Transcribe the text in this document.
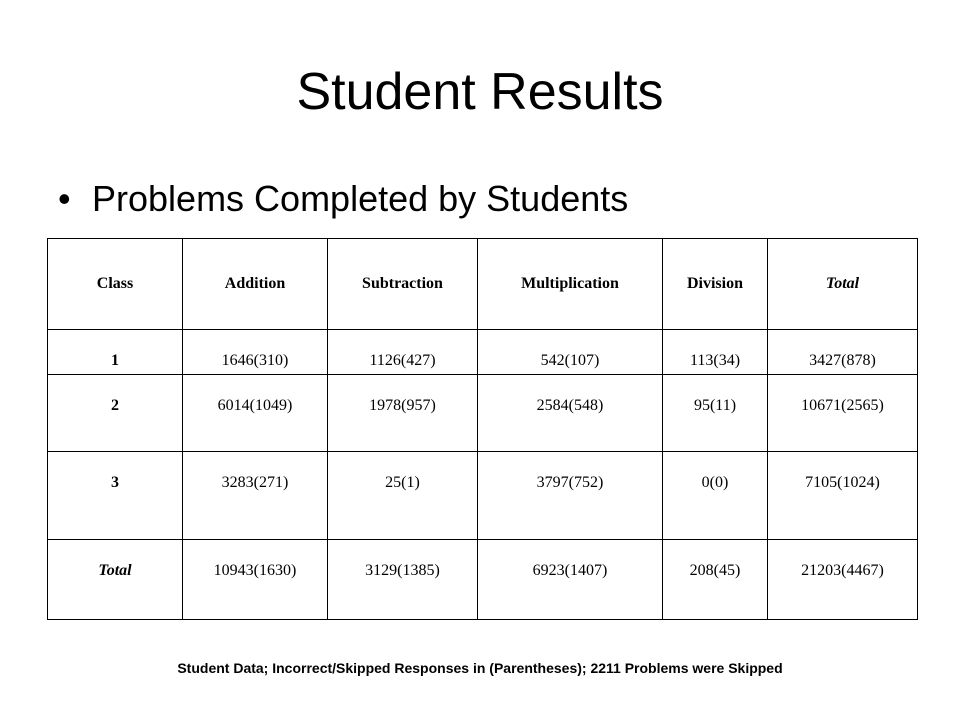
Student Results
• Problems Completed by Students
Class	Addition	Subtraction	Multiplication	Division	Total
1	1646(310)	1126(427)	542(107)	113(34)	3427(878)
2	6014(1049)	1978(957)	2584(548)	95(11)	10671(2565)
3	3283(271)	25(1)	3797(752)	0(0)	7105(1024)
Total	10943(1630)	3129(1385)	6923(1407)	208(45)	21203(4467)
Student Data; Incorrect/Skipped Responses in (Parentheses); 2211 Problems were Skipped
